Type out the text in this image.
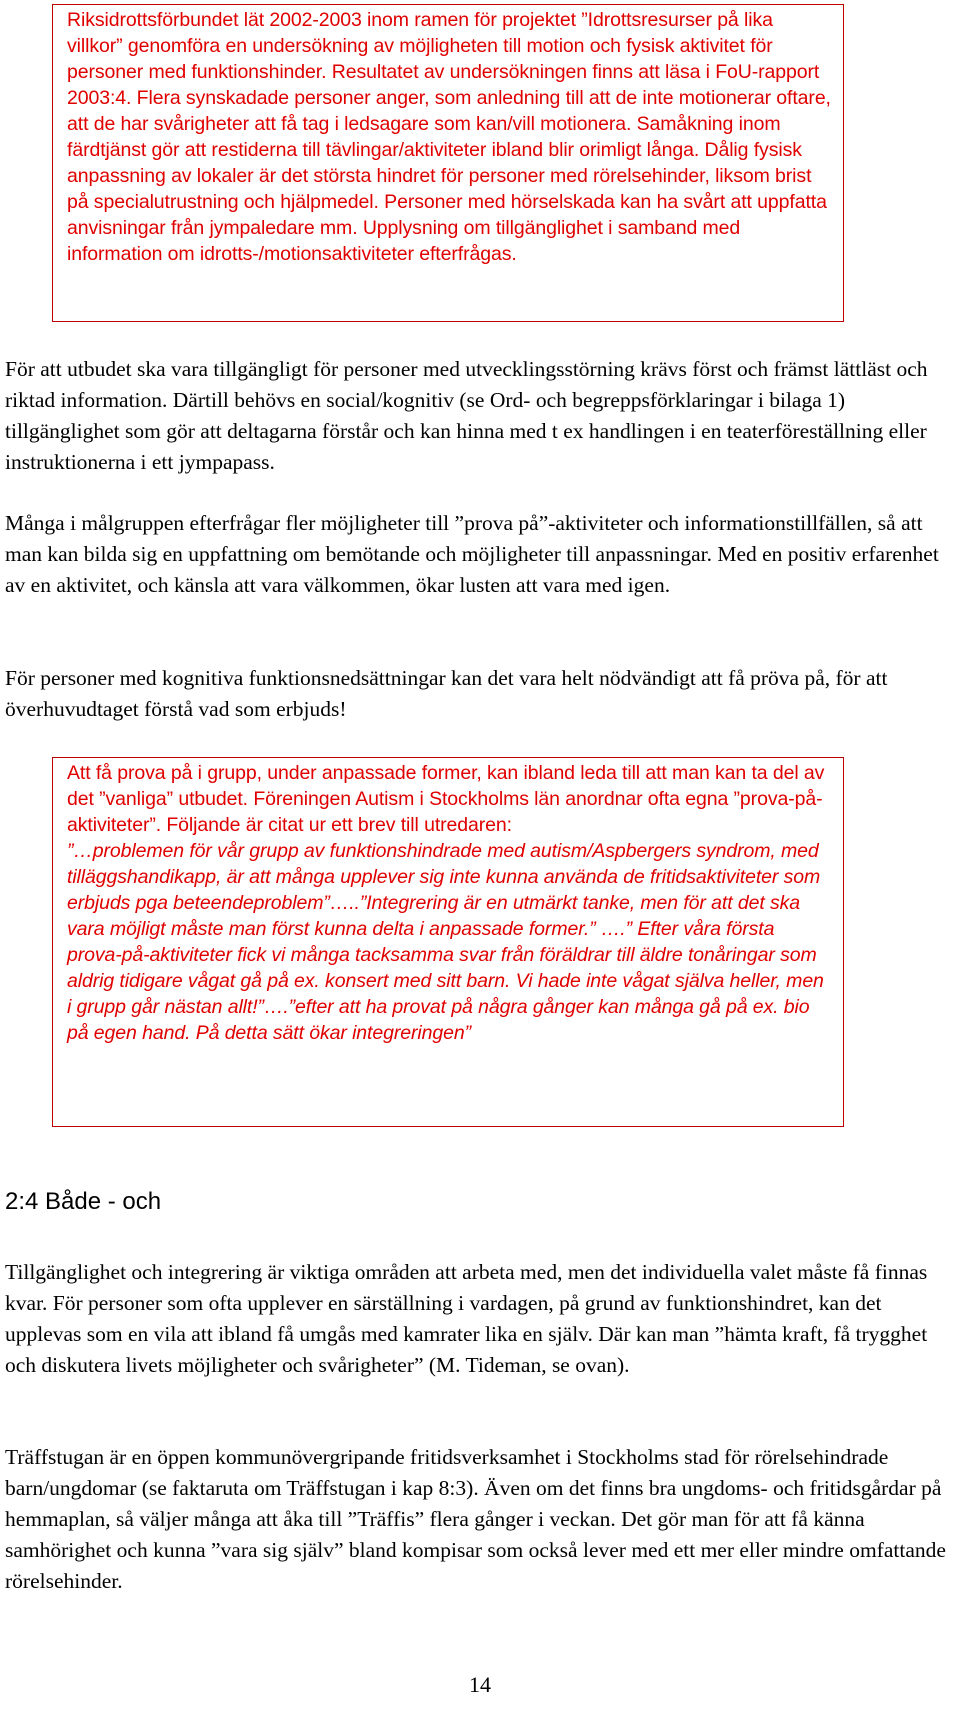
Riksidrottsförbundet lät 2002-2003 inom ramen för projektet ”Idrottsresurser på lika villkor” genomföra en undersökning av möjligheten till motion och fysisk aktivitet för personer med funktionshinder. Resultatet av undersökningen finns att läsa i FoU-rapport 2003:4. Flera synskadade personer anger, som anledning till att de inte motionerar oftare, att de har svårigheter att få tag i ledsagare som kan/vill motionera. Samåkning inom färdtjänst gör att restiderna till tävlingar/aktiviteter ibland blir orimligt långa. Dålig fysisk anpassning av lokaler är det största hindret för personer med rörelsehinder, liksom brist på specialutrustning och hjälpmedel. Personer med hörselskada kan ha svårt att uppfatta anvisningar från jympaledare mm. Upplysning om tillgänglighet i samband med information om idrotts-/motionsaktiviteter efterfrågas.

För att utbudet ska vara tillgängligt för personer med utvecklingsstörning krävs först och främst lättläst och riktad information. Därtill behövs en social/kognitiv (se Ord- och begreppsförklaringar i bilaga 1) tillgänglighet som gör att deltagarna förstår och kan hinna med t ex handlingen i en teaterföreställning eller instruktionerna i ett jympapass.

Många i målgruppen efterfrågar fler möjligheter till ”prova på”-aktiviteter och informationstillfällen, så att man kan bilda sig en uppfattning om bemötande och möjligheter till anpassningar. Med en positiv erfarenhet av en aktivitet, och känsla att vara välkommen, ökar lusten att vara med igen.

För personer med kognitiva funktionsnedsättningar kan det vara helt nödvändigt att få pröva på, för att överhuvudtaget förstå vad som erbjuds!

Att få prova på i grupp, under anpassade former, kan ibland leda till att man kan ta del av det ”vanliga” utbudet. Föreningen Autism i Stockholms län anordnar ofta egna ”prova-på-aktiviteter”. Följande är citat ur ett brev till utredaren:

”…problemen för vår grupp av funktionshindrade med autism/Aspbergers syndrom, med tilläggshandikapp, är att många upplever sig inte kunna använda de fritidsaktiviteter som erbjuds pga beteendeproblem”…..”Integrering är en utmärkt tanke, men för att det ska vara möjligt måste man först kunna delta i anpassade former.” ….” Efter våra första prova-på-aktiviteter fick vi många tacksamma svar från föräldrar till äldre tonåringar som aldrig tidigare vågat gå på ex. konsert med sitt barn. Vi hade inte vågat själva heller, men i grupp går nästan allt!”….”efter att ha provat på några gånger kan många gå på ex. bio på egen hand. På detta sätt ökar integreringen”

2:4 Både - och

Tillgänglighet och integrering är viktiga områden att arbeta med, men det individuella valet måste få finnas kvar. För personer som ofta upplever en särställning i vardagen, på grund av funktionshindret, kan det upplevas som en vila att ibland få umgås med kamrater lika en själv. Där kan man ”hämta kraft, få trygghet och diskutera livets möjligheter och svårigheter” (M. Tideman, se ovan).

Träffstugan är en öppen kommunövergripande fritidsverksamhet i Stockholms stad för rörelsehindrade barn/ungdomar (se faktaruta om Träffstugan i kap 8:3). Även om det finns bra ungdoms- och fritidsgårdar på hemmaplan, så väljer många att åka till ”Träffis” flera gånger i veckan. Det gör man för att få känna samhörighet och kunna ”vara sig själv” bland kompisar som också lever med ett mer eller mindre omfattande rörelsehinder.

14
